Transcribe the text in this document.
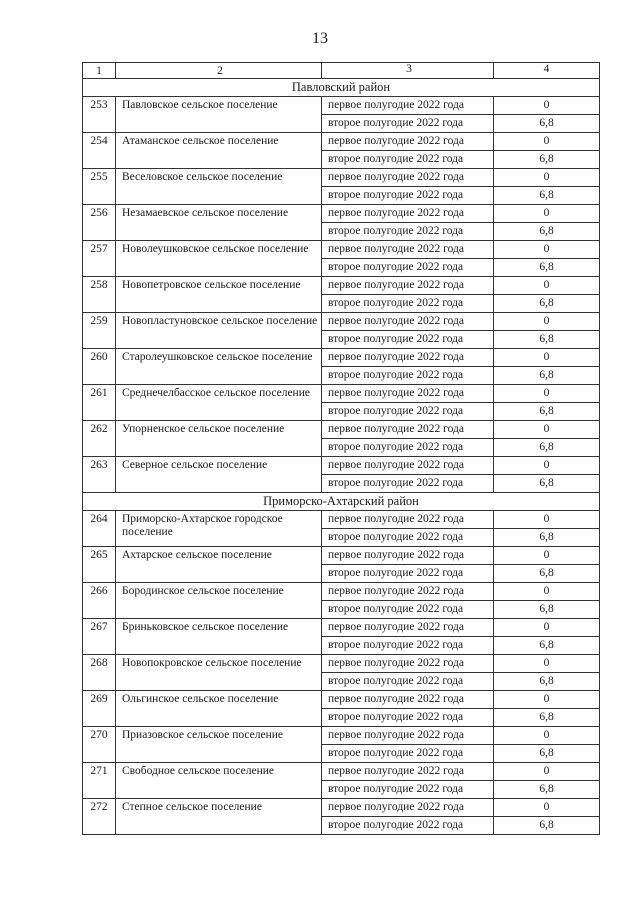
13
1	2	3	4
Павловский район			
253	Павловское сельское поселение	первое полугодие 2022 года	0
		второе полугодие 2022 года	6,8
254	Атаманское сельское поселение	первое полугодие 2022 года	0
		второе полугодие 2022 года	6,8
255	Веселовское сельское поселение	первое полугодие 2022 года	0
		второе полугодие 2022 года	6,8
256	Незамаевское сельское поселение	первое полугодие 2022 года	0
		второе полугодие 2022 года	6,8
257	Новолеушковское сельское поселение	первое полугодие 2022 года	0
		второе полугодие 2022 года	6,8
258	Новопетровское сельское поселение	первое полугодие 2022 года	0
		второе полугодие 2022 года	6,8
259	Новопластуновское сельское поселение	первое полугодие 2022 года	0
		второе полугодие 2022 года	6,8
260	Старолеушковское сельское поселение	первое полугодие 2022 года	0
		второе полугодие 2022 года	6,8
261	Среднечелбасское сельское поселение	первое полугодие 2022 года	0
		второе полугодие 2022 года	6,8
262	Упорненское сельское поселение	первое полугодие 2022 года	0
		второе полугодие 2022 года	6,8
263	Северное сельское поселение	первое полугодие 2022 года	0
		второе полугодие 2022 года	6,8
Приморско-Ахтарский район			
264	Приморско-Ахтарское городское поселение	первое полугодие 2022 года	0
		второе полугодие 2022 года	6,8
265	Ахтарское сельское поселение	первое полугодие 2022 года	0
		второе полугодие 2022 года	6,8
266	Бородинское сельское поселение	первое полугодие 2022 года	0
		второе полугодие 2022 года	6,8
267	Бриньковское сельское поселение	первое полугодие 2022 года	0
		второе полугодие 2022 года	6,8
268	Новопокровское сельское поселение	первое полугодие 2022 года	0
		второе полугодие 2022 года	6,8
269	Ольгинское сельское поселение	первое полугодие 2022 года	0
		второе полугодие 2022 года	6,8
270	Приазовское сельское поселение	первое полугодие 2022 года	0
		второе полугодие 2022 года	6,8
271	Свободное сельское поселение	первое полугодие 2022 года	0
		второе полугодие 2022 года	6,8
272	Степное сельское поселение	первое полугодие 2022 года	0
		второе полугодие 2022 года	6,8
